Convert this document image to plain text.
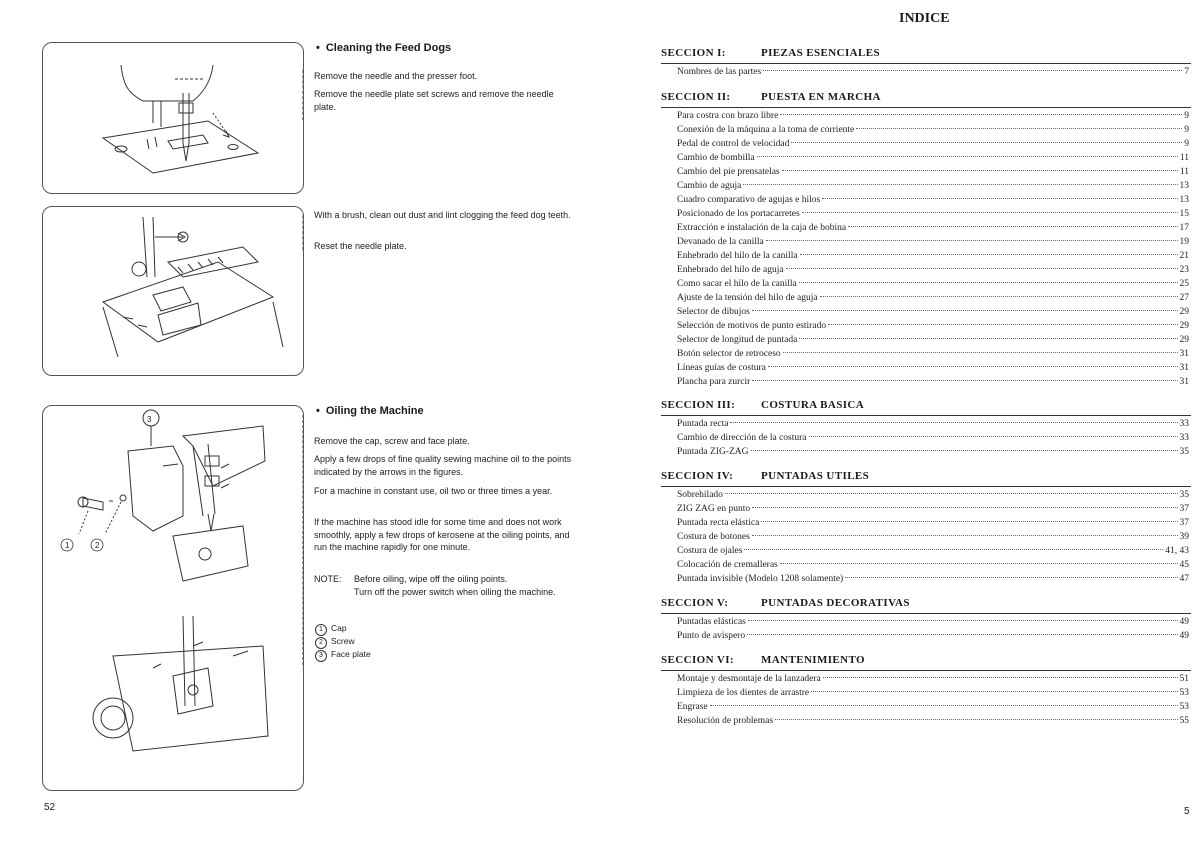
3
1	2
• Cleaning the Feed Dogs

Remove the needle and the presser foot.

Remove the needle plate set screws and remove the needle plate.

With a brush, clean out dust and lint clogging the feed dog teeth.

Reset the needle plate.

• Oiling the Machine

Remove the cap, screw and face plate.

Apply a few drops of fine quality sewing machine oil to the points indicated by the arrows in the figures.

For a machine in constant use, oil two or three times a year.

If the machine has stood idle for some time and does not work smoothly, apply a few drops of kerosene at the oiling points, and run the machine rapidly for one minute.

NOTE: Before oiling, wipe off the oiling points.
Turn off the power switch when oiling the machine.
1 Cap
2 Screw
3 Face plate
52
INDICE
SECCION I:	PIEZAS ESENCIALES
Nombres de las partes	7
SECCION II:	PUESTA EN MARCHA
Para costra con brazo libre	9
Conexión de la máquina a la toma de corriente	9
Pedal de control de velocidad	9
Cambio de bombilla	11
Cambio del pie prensatelas	11
Cambio de aguja	13
Cuadro comparativo de agujas e hilos	13
Posicionado de los portacarretes	15
Extracción e instalación de la caja de bobina	17
Devanado de la canilla	19
Enhebrado del hilo de la canilla	21
Enhebrado del hilo de aguja	23
Como sacar el hilo de la canilla	25
Ajuste de la tensión del hilo de aguja	27
Selector de dibujos	29
Selección de motivos de punto estirado	29
Selector de longitud de puntada	29
Botón selector de retroceso	31
Líneas guías de costura	31
Plancha para zurcir	31
SECCION III: COSTURA BASICA
Puntada recta	33
Cambio de dirección de la costura	33
Puntada ZIG-ZAG	35
SECCION IV:	PUNTADAS UTILES
Sobrehilado	35
ZIG ZAG en punto	37
Puntada recta elástica	37
Costura de botones	39
Costura de ojales	41, 43
Colocación de cremalleras	45
Puntada invisible (Modelo 1208 solamente)	47
SECCION V:	PUNTADAS DECORATIVAS
Puntadas elásticas	49
Punto de avispero	49
SECCION VI: MANTENIMIENTO
Montaje y desmontaje de la lanzadera	51
Limpieza de los dientes de arrastre	53
Engrase	53
Resolución de problemas	55
5
